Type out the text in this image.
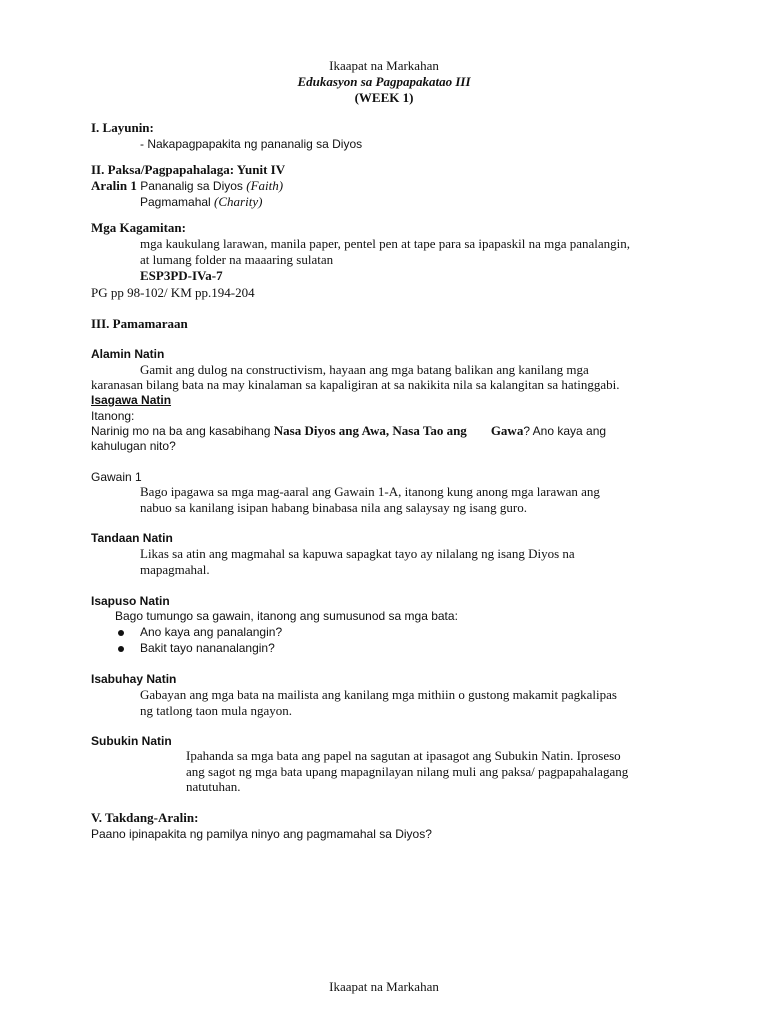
Ikaapat na Markahan
Edukasyon sa Pagpapakatao III
(WEEK 1)
I. Layunin:
- Nakapagpapakita ng pananalig sa Diyos
II. Paksa/Pagpapahalaga: Yunit IV
Aralin 1 Pananalig sa Diyos (Faith)
Pagmamahal (Charity)
Mga Kagamitan:
mga kaukulang larawan, manila paper, pentel pen at tape para sa ipapaskil na mga panalangin,
at lumang folder na maaaring sulatan
ESP3PD-IVa-7
PG pp 98-102/ KM pp.194-204
III. Pamamaraan
Alamin Natin
Gamit ang dulog na constructivism, hayaan ang mga batang balikan ang kanilang mga
karanasan bilang bata na may kinalaman sa kapaligiran at sa nakikita nila sa kalangitan sa hatinggabi.
Isagawa Natin
Itanong:
Narinig mo na ba ang kasabihang Nasa Diyos ang Awa, Nasa Tao ang Gawa? Ano kaya ang
kahulugan nito?
Gawain 1
Bago ipagawa sa mga mag-aaral ang Gawain 1-A, itanong kung anong mga larawan ang
nabuo sa kanilang isipan habang binabasa nila ang salaysay ng isang guro.
Tandaan Natin
Likas sa atin ang magmahal sa kapuwa sapagkat tayo ay nilalang ng isang Diyos na
mapagmahal.
Isapuso Natin
Bago tumungo sa gawain, itanong ang sumusunod sa mga bata:
Ano kaya ang panalangin?
Bakit tayo nananalangin?
Isabuhay Natin
Gabayan ang mga bata na mailista ang kanilang mga mithiin o gustong makamit pagkalipas
ng tatlong taon mula ngayon.
Subukin Natin
Ipahanda sa mga bata ang papel na sagutan at ipasagot ang Subukin Natin. Iproseso
ang sagot ng mga bata upang mapagnilayan nilang muli ang paksa/ pagpapahalagang
natutuhan.
V. Takdang-Aralin:
Paano ipinapakita ng pamilya ninyo ang pagmamahal sa Diyos?
Ikaapat na Markahan
